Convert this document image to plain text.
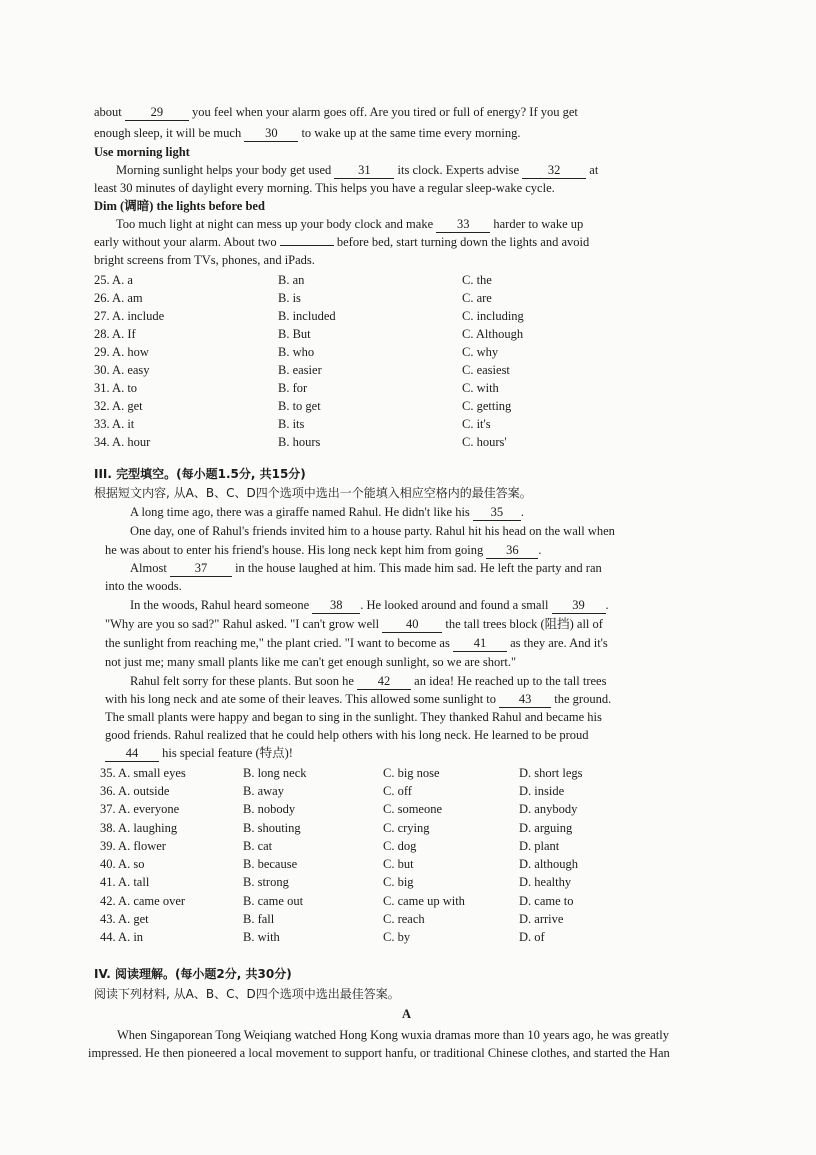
about 29 you feel when your alarm goes off. Are you tired or full of energy? If you get
enough sleep, it will be much 30 to wake up at the same time every morning.
Use morning light
Morning sunlight helps your body get used 31 its clock. Experts advise 32 at
least 30 minutes of daylight every morning. This helps you have a regular sleep-wake cycle.
Dim (调暗) the lights before bed
Too much light at night can mess up your body clock and make 33 harder to wake up
early without your alarm. About two	before bed, start turning down the lights and avoid
bright screens from TVs, phones, and iPads.
25. A. a	B. an	C. the
26. A. am	B. is	C. are
27. A. include	B. included	C. including
28. A. If	B. But	C. Although
29. A. how	B. who	C. why
30. A. easy	B. easier	C. easiest
31. A. to	B. for	C. with
32. A. get	B. to get	C. getting
33. A. it	B. its	C. it's
34. A. hour	B. hours	C. hours'
III. 完型填空。(每小题1.5分, 共15分)
根据短文内容, 从A、B、C、D四个选项中选出一个能填入相应空格内的最佳答案。
A long time ago, there was a giraffe named Rahul. He didn't like his 35 .
One day, one of Rahul's friends invited him to a house party. Rahul hit his head on the wall when
he was about to enter his friend's house. His long neck kept him from going 36 .
Almost 37 in the house laughed at him. This made him sad. He left the party and ran
into the woods.
In the woods, Rahul heard someone 38 . He looked around and found a small 39 .
"Why are you so sad?" Rahul asked. "I can't grow well 40 the tall trees block (阻挡) all of
the sunlight from reaching me," the plant cried. "I want to become as 41 as they are. And it's
not just me; many small plants like me can't get enough sunlight, so we are short."
Rahul felt sorry for these plants. But soon he 42 an idea! He reached up to the tall trees
with his long neck and ate some of their leaves. This allowed some sunlight to 43 the ground.
The small plants were happy and began to sing in the sunlight. They thanked Rahul and became his
good friends. Rahul realized that he could help others with his long neck. He learned to be proud
44 his special feature (特点)!
35. A. small eyes	B. long neck	C. big nose	D. short legs
36. A. outside	B. away	C. off	D. inside
37. A. everyone	B. nobody	C. someone	D. anybody
38. A. laughing	B. shouting	C. crying	D. arguing
39. A. flower	B. cat	C. dog	D. plant
40. A. so	B. because	C. but	D. although
41. A. tall	B. strong	C. big	D. healthy
42. A. came over	B. came out	C. came up with	D. came to
43. A. get	B. fall	C. reach	D. arrive
44. A. in	B. with	C. by	D. of
IV. 阅读理解。(每小题2分, 共30分)
阅读下列材料, 从A、B、C、D四个选项中选出最佳答案。
A
When Singaporean Tong Weiqiang watched Hong Kong wuxia dramas more than 10 years ago, he was greatly
impressed. He then pioneered a local movement to support hanfu, or traditional Chinese clothes, and started the Han
